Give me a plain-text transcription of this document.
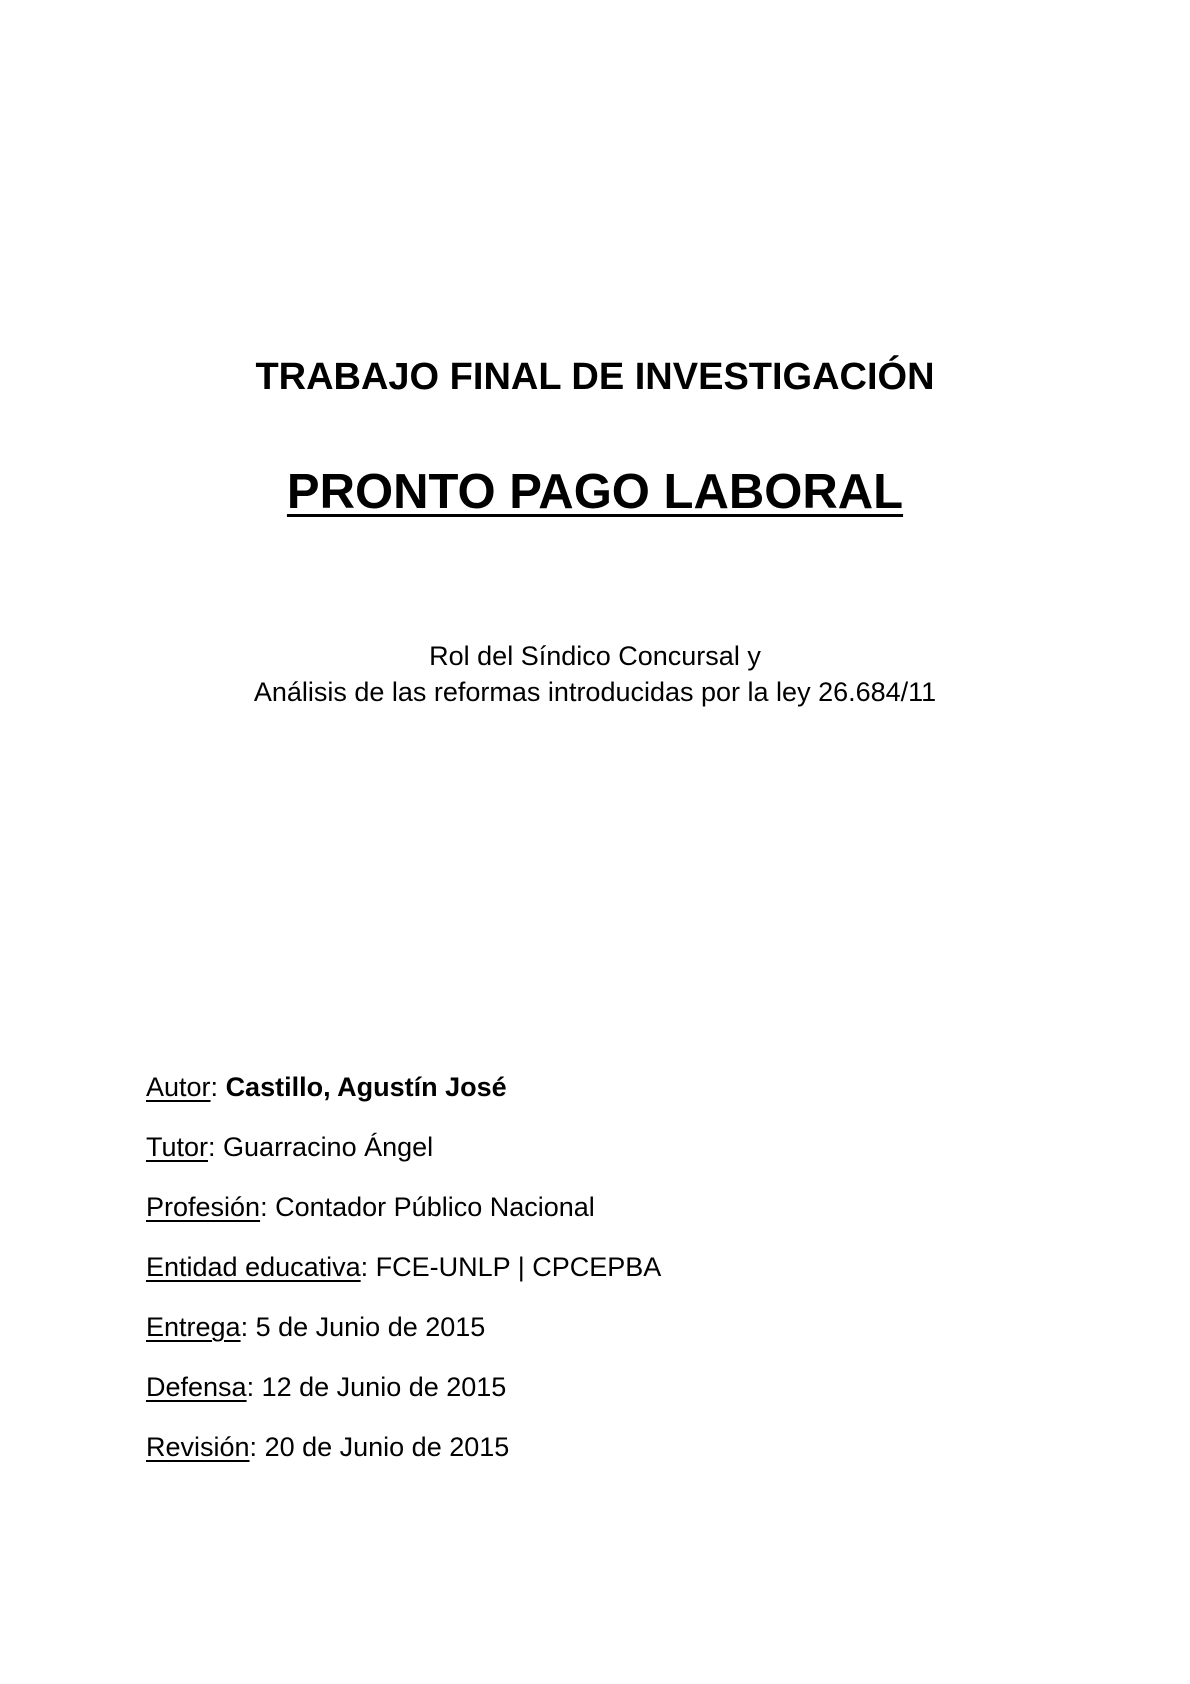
TRABAJO FINAL DE INVESTIGACIÓN
PRONTO PAGO LABORAL
Rol del Síndico Concursal y
Análisis de las reformas introducidas por la ley 26.684/11
Autor: Castillo, Agustín José
Tutor: Guarracino Ángel
Profesión: Contador Público Nacional
Entidad educativa: FCE-UNLP | CPCEPBA
Entrega: 5 de Junio de 2015
Defensa: 12 de Junio de 2015
Revisión: 20 de Junio de 2015
